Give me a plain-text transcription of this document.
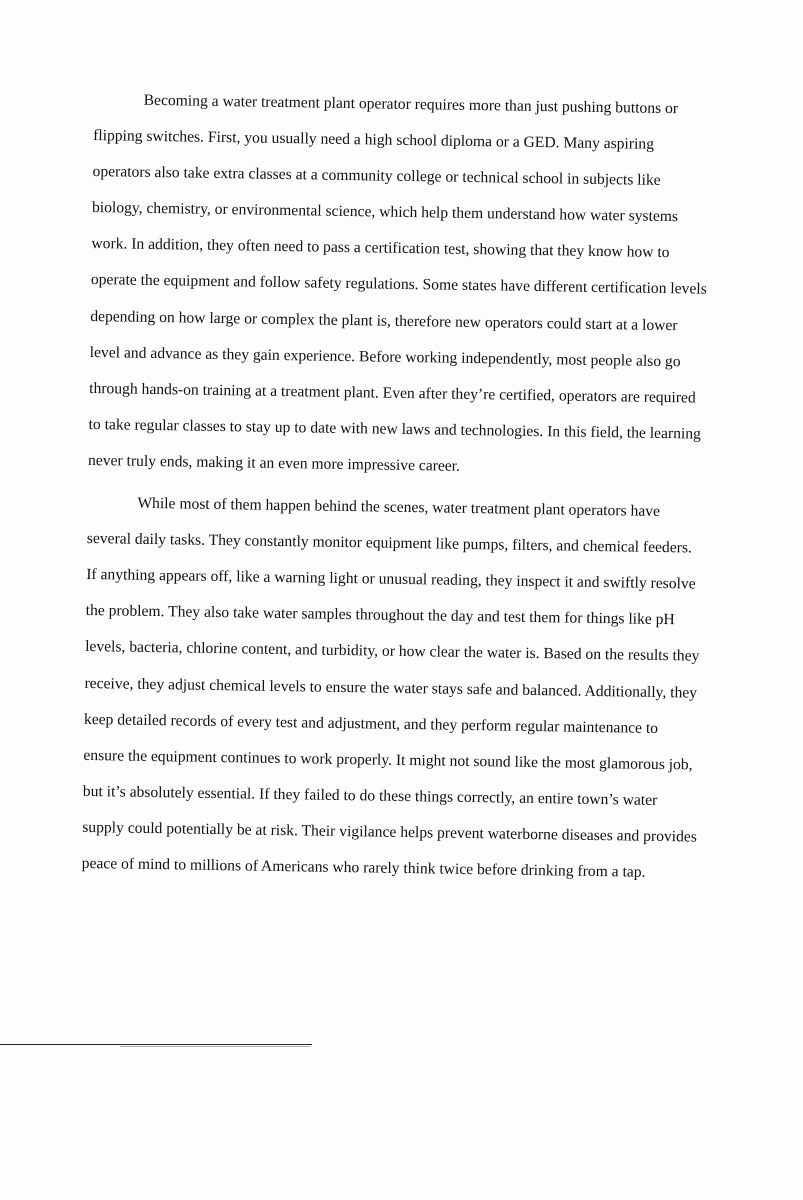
Becoming a water treatment plant operator requires more than just pushing buttons or flipping switches. First, you usually need a high school diploma or a GED. Many aspiring operators also take extra classes at a community college or technical school in subjects like biology, chemistry, or environmental science, which help them understand how water systems work. In addition, they often need to pass a certification test, showing that they know how to operate the equipment and follow safety regulations. Some states have different certification levels depending on how large or complex the plant is, therefore new operators could start at a lower level and advance as they gain experience. Before working independently, most people also go through hands-on training at a treatment plant. Even after they’re certified, operators are required to take regular classes to stay up to date with new laws and technologies. In this field, the learning never truly ends, making it an even more impressive career.

While most of them happen behind the scenes, water treatment plant operators have several daily tasks. They constantly monitor equipment like pumps, filters, and chemical feeders. If anything appears off, like a warning light or unusual reading, they inspect it and swiftly resolve the problem. They also take water samples throughout the day and test them for things like pH levels, bacteria, chlorine content, and turbidity, or how clear the water is. Based on the results they receive, they adjust chemical levels to ensure the water stays safe and balanced. Additionally, they keep detailed records of every test and adjustment, and they perform regular maintenance to ensure the equipment continues to work properly. It might not sound like the most glamorous job, but it’s absolutely essential. If they failed to do these things correctly, an entire town’s water supply could potentially be at risk. Their vigilance helps prevent waterborne diseases and provides peace of mind to millions of Americans who rarely think twice before drinking from a tap.
